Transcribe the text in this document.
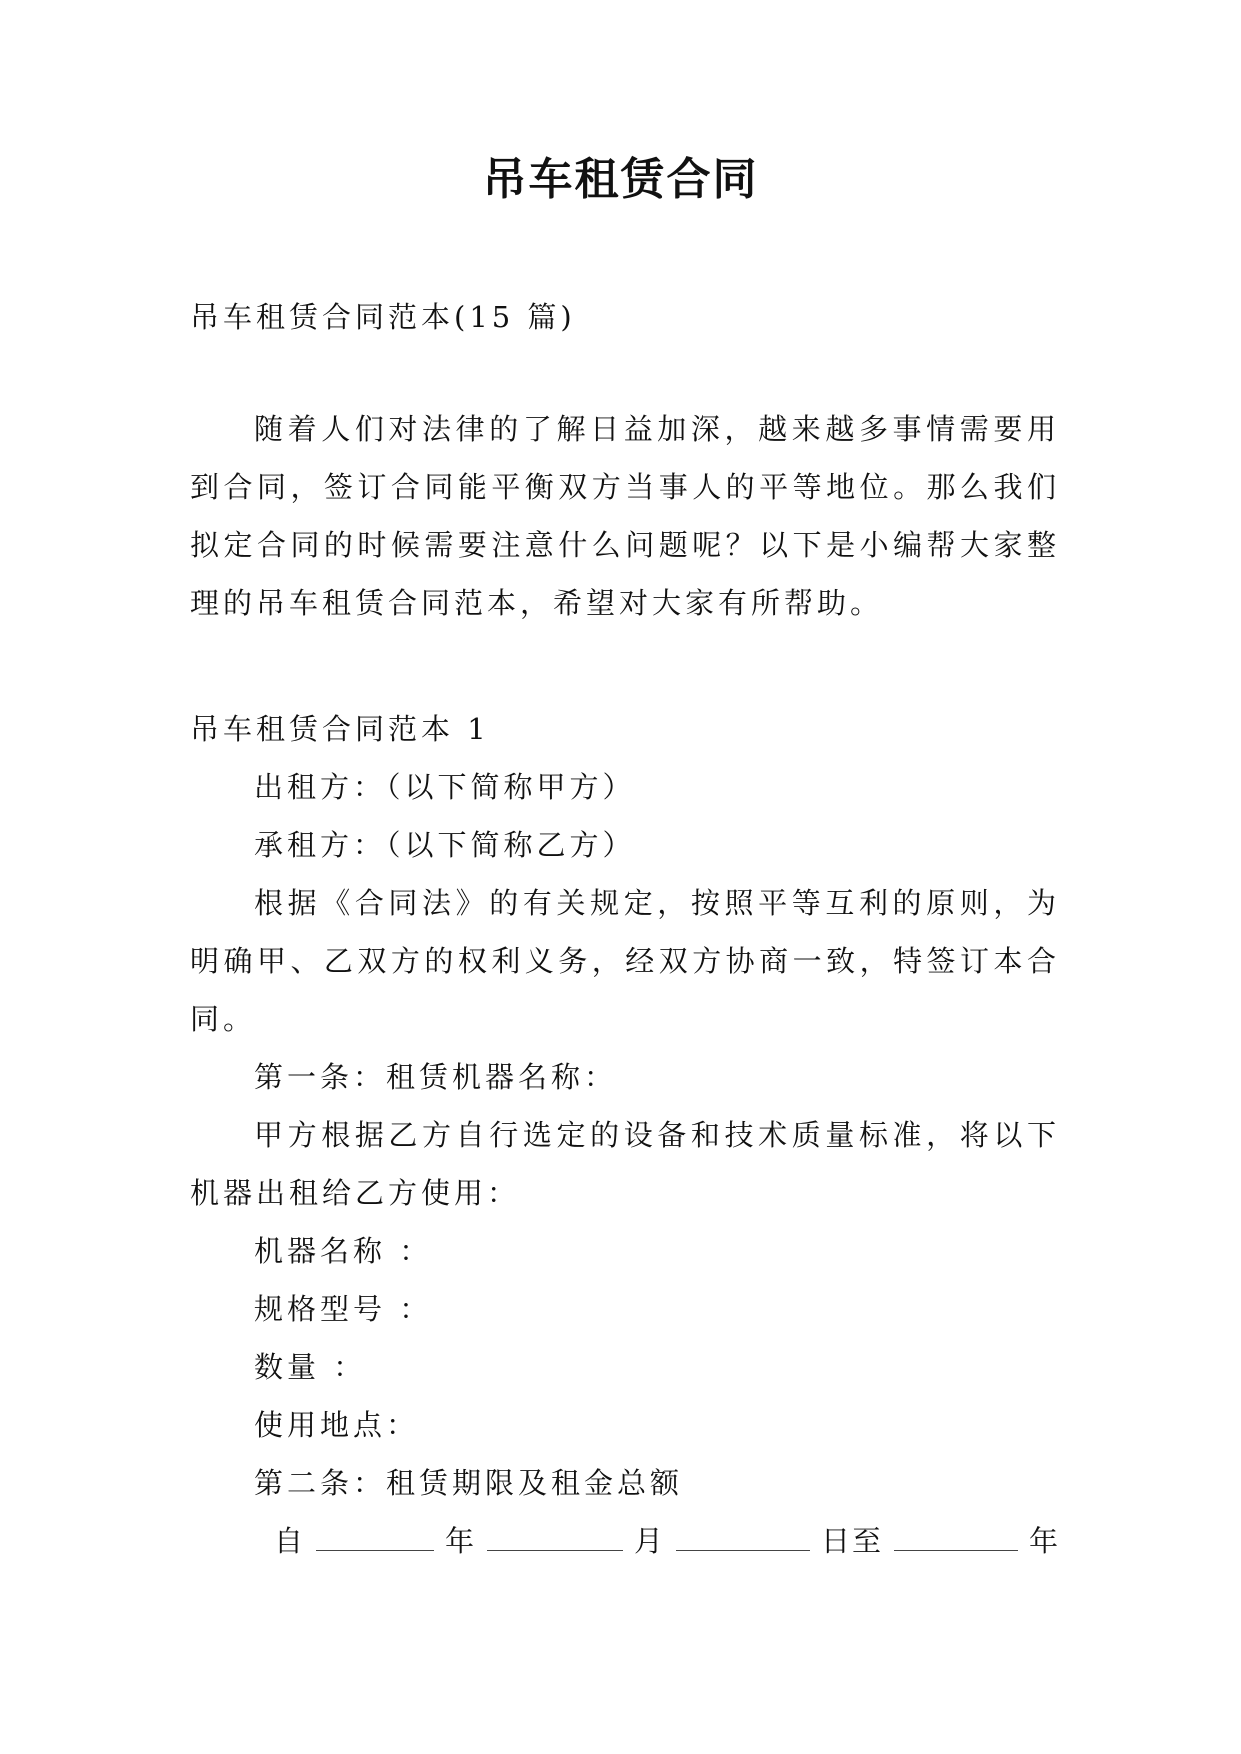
吊车租赁合同
吊车租赁合同范本(15 篇)
随着人们对法律的了解日益加深，越来越多事情需要用到合同，签订合同能平衡双方当事人的平等地位。那么我们拟定合同的时候需要注意什么问题呢？以下是小编帮大家整理的吊车租赁合同范本，希望对大家有所帮助。

吊车租赁合同范本 1

出租方：（以下简称甲方）

承租方：（以下简称乙方）

根据《合同法》的有关规定，按照平等互利的原则，为明确甲、乙双方的权利义务，经双方协商一致，特签订本合同。

第一条：租赁机器名称：

甲方根据乙方自行选定的设备和技术质量标准，将以下机器出租给乙方使用：

机器名称 ：

规格型号 ：

数量 ：

使用地点：

第二条：租赁期限及租金总额

自	年	月	日至	年
